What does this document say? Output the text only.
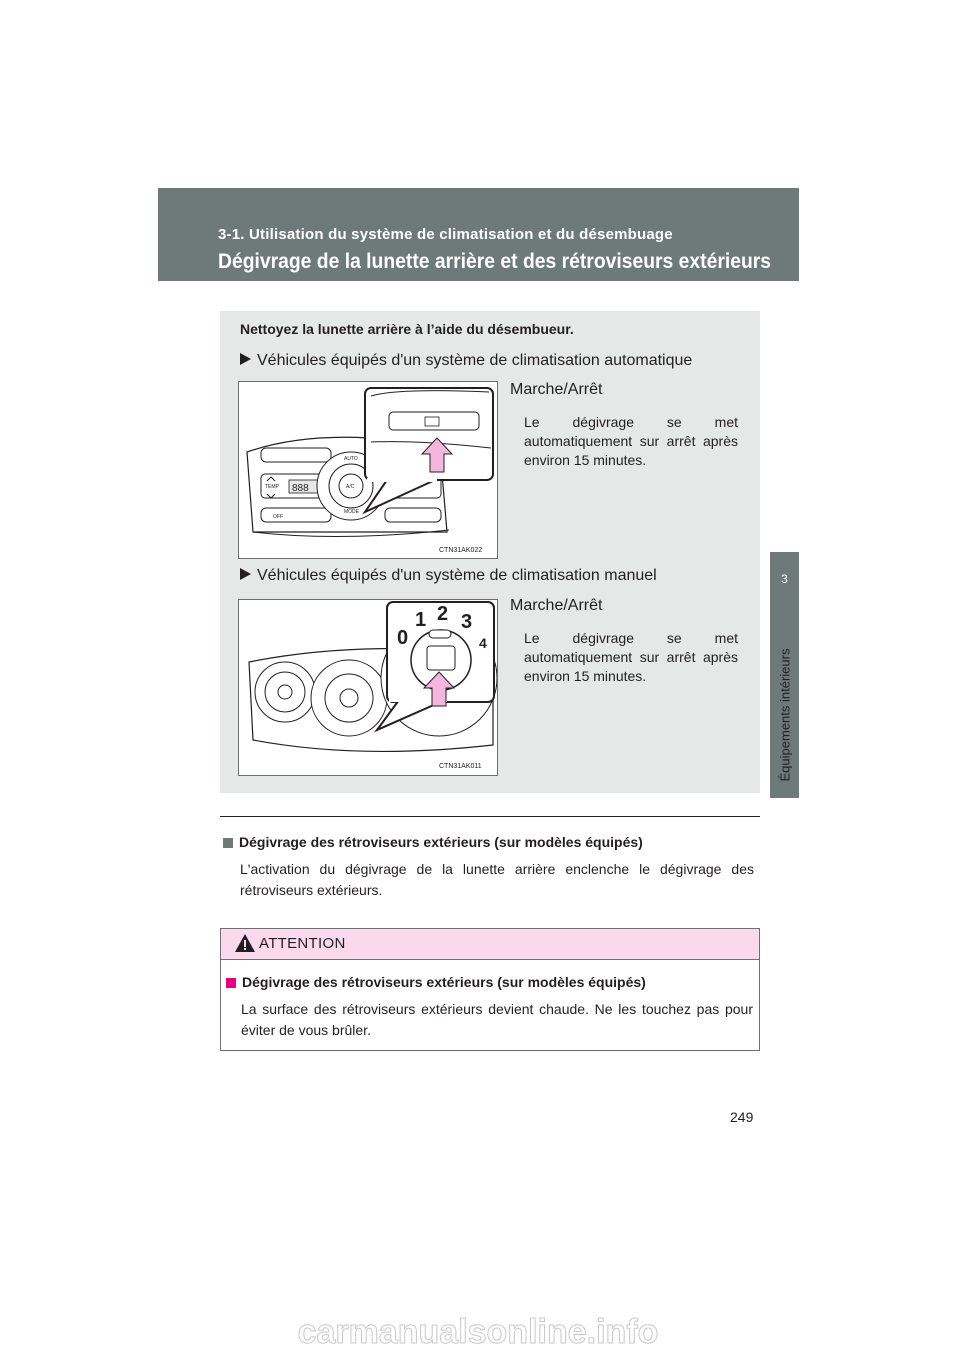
3-1. Utilisation du système de climatisation et du désembuage
Dégivrage de la lunette arrière et des rétroviseurs extérieurs
3
Équipements intérieurs
Nettoyez la lunette arrière à l’aide du désembueur.
Véhicules équipés d'un système de climatisation automatique
888
TEMP
OFF
AUTO
A/C
MODE
CTN31AK022
Marche/Arrêt
Le dégivrage se met automatiquement sur arrêt après environ 15 minutes.
Véhicules équipés d'un système de climatisation manuel
0
1 2 3
4
CTN31AK011
Marche/Arrêt
Le dégivrage se met automatiquement sur arrêt après environ 15 minutes.
Dégivrage des rétroviseurs extérieurs (sur modèles équipés)
L'activation du dégivrage de la lunette arrière enclenche le dégivrage des rétroviseurs extérieurs.
ATTENTION
Dégivrage des rétroviseurs extérieurs (sur modèles équipés)
La surface des rétroviseurs extérieurs devient chaude. Ne les touchez pas pour éviter de vous brûler.
249
carmanualsonline.info
